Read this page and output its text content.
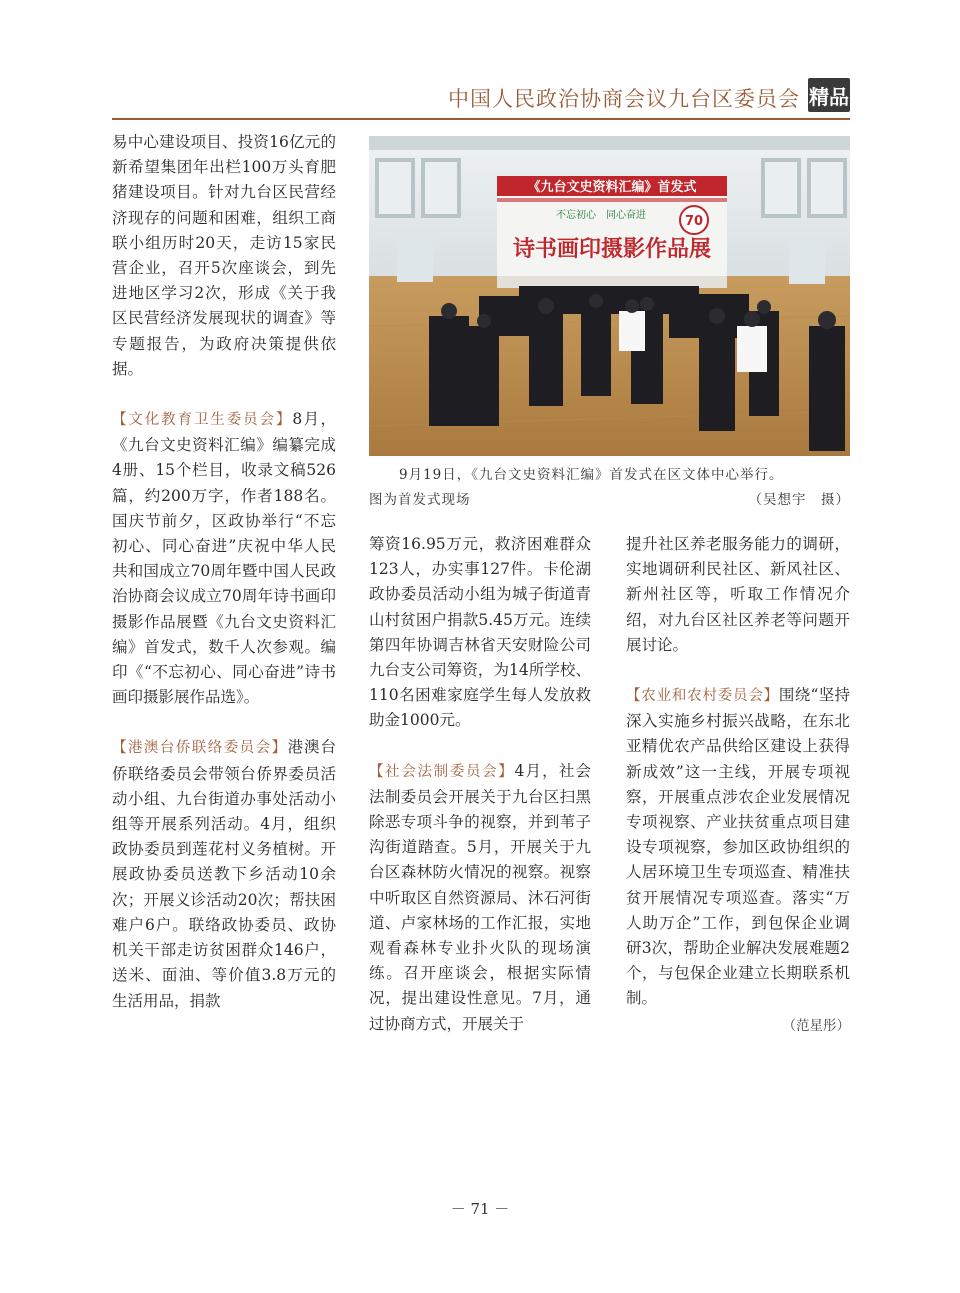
中国人民政治协商会议九台区委员会 精品

易中心建设项目、投资16亿元的新希望集团年出栏100万头育肥猪建设项目。针对九台区民营经济现存的问题和困难，组织工商联小组历时20天，走访15家民营企业，召开5次座谈会，到先进地区学习2次，形成《关于我区民营经济发展现状的调查》等专题报告，为政府决策提供依据。

【文化教育卫生委员会】8月，《九台文史资料汇编》编纂完成4册、15个栏目，收录文稿526篇，约200万字，作者188名。国庆节前夕，区政协举行“不忘初心、同心奋进”庆祝中华人民共和国成立70周年暨中国人民政治协商会议成立70周年诗书画印摄影作品展暨《九台文史资料汇编》首发式，数千人次参观。编印《“不忘初心、同心奋进”诗书画印摄影展作品选》。

【港澳台侨联络委员会】港澳台侨联络委员会带领台侨界委员活动小组、九台街道办事处活动小组等开展系列活动。4月，组织政协委员到莲花村义务植树。开展政协委员送教下乡活动10余次；开展义诊活动20次；帮扶困难户6户。联络政协委员、政协机关干部走访贫困群众146户，送米、面油、等价值3.8万元的生活用品，捐款

《九台文史资料汇编》首发式
不忘初心　同心奋进	70
诗书画印摄影作品展
9月19日，《九台文史资料汇编》首发式在区文体中心举行。
图为首发式现场	（吴想宇　摄）

筹资16.95万元，救济困难群众123人，办实事127件。卡伦湖政协委员活动小组为城子街道青山村贫困户捐款5.45万元。连续第四年协调吉林省天安财险公司九台支公司筹资，为14所学校、110名困难家庭学生每人发放救助金1000元。

【社会法制委员会】4月，社会法制委员会开展关于九台区扫黑除恶专项斗争的视察，并到苇子沟街道踏查。5月，开展关于九台区森林防火情况的视察。视察中听取区自然资源局、沐石河街道、卢家林场的工作汇报，实地观看森林专业扑火队的现场演练。召开座谈会，根据实际情况，提出建设性意见。7月，通过协商方式，开展关于

提升社区养老服务能力的调研，实地调研利民社区、新风社区、新州社区等，听取工作情况介绍，对九台区社区养老等问题开展讨论。

【农业和农村委员会】围绕“坚持深入实施乡村振兴战略，在东北亚精优农产品供给区建设上获得新成效”这一主线，开展专项视察，开展重点涉农企业发展情况专项视察、产业扶贫重点项目建设专项视察，参加区政协组织的人居环境卫生专项巡查、精准扶贫开展情况专项巡查。落实“万人助万企”工作，到包保企业调研3次，帮助企业解决发展难题2个，与包保企业建立长期联系机制。

（范星彤）
－ 71 －
